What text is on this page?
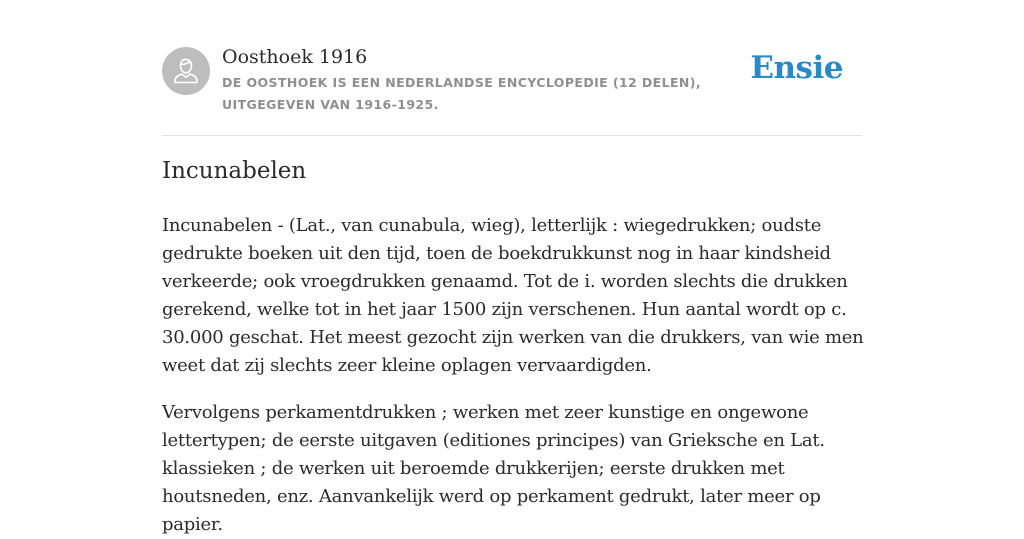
Oosthoek 1916

DE OOSTHOEK IS EEN NEDERLANDSE ENCYCLOPEDIE (12 DELEN), UITGEGEVEN VAN 1916-1925.

Ensie
Incunabelen

Incunabelen - (Lat., van cunabula, wieg), letterlijk : wiegedrukken; oudste gedrukte boeken uit den tijd, toen de boekdrukkunst nog in haar kindsheid verkeerde; ook vroegdrukken genaamd. Tot de i. worden slechts die drukken gerekend, welke tot in het jaar 1500 zijn verschenen. Hun aantal wordt op c. 30.000 geschat. Het meest gezocht zijn werken van die drukkers, van wie men weet dat zij slechts zeer kleine oplagen vervaardigden.

Vervolgens perkamentdrukken ; werken met zeer kunstige en ongewone lettertypen; de eerste uitgaven (editiones principes) van Grieksche en Lat. klassieken ; de werken uit beroemde drukkerijen; eerste drukken met houtsneden, enz. Aanvankelijk werd op perkament gedrukt, later meer op papier.
